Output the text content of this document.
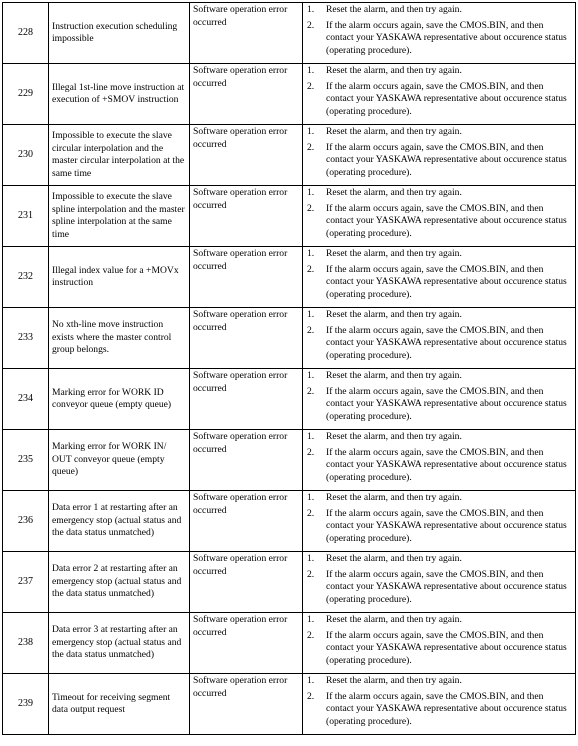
228	Instruction execution scheduling impossible	Software operation error occurred	1. Reset the alarm, and then try again.
2. If the alarm occurs again, save the CMOS.BIN, and then contact your YASKAWA representative about occurence status (operating procedure).

229	Illegal 1st-line move instruction at execution of +SMOV instruction	Software operation error occurred	1. Reset the alarm, and then try again.
2. If the alarm occurs again, save the CMOS.BIN, and then contact your YASKAWA representative about occurence status (operating procedure).

230	Impossible to execute the slave circular interpolation and the master circular interpolation at the same time	Software operation error occurred	1. Reset the alarm, and then try again.
2. If the alarm occurs again, save the CMOS.BIN, and then contact your YASKAWA representative about occurence status (operating procedure).

231	Impossible to execute the slave spline interpolation and the master spline interpolation at the same time	Software operation error occurred	1. Reset the alarm, and then try again.
2. If the alarm occurs again, save the CMOS.BIN, and then contact your YASKAWA representative about occurence status (operating procedure).

232	Illegal index value for a +MOVx instruction	Software operation error occurred	1. Reset the alarm, and then try again.
2. If the alarm occurs again, save the CMOS.BIN, and then contact your YASKAWA representative about occurence status (operating procedure).

233	No xth-line move instruction exists where the master control group belongs.	Software operation error occurred	1. Reset the alarm, and then try again.
2. If the alarm occurs again, save the CMOS.BIN, and then contact your YASKAWA representative about occurence status (operating procedure).

234	Marking error for WORK ID conveyor queue (empty queue)	Software operation error occurred	1. Reset the alarm, and then try again.
2. If the alarm occurs again, save the CMOS.BIN, and then contact your YASKAWA representative about occurence status (operating procedure).

235	Marking error for WORK IN/ OUT conveyor queue (empty queue)	Software operation error occurred	1. Reset the alarm, and then try again.
2. If the alarm occurs again, save the CMOS.BIN, and then contact your YASKAWA representative about occurence status (operating procedure).

236	Data error 1 at restarting after an emergency stop (actual status and the data status unmatched)	Software operation error occurred	1. Reset the alarm, and then try again.
2. If the alarm occurs again, save the CMOS.BIN, and then contact your YASKAWA representative about occurence status (operating procedure).

237	Data error 2 at restarting after an emergency stop (actual status and the data status unmatched)	Software operation error occurred	1. Reset the alarm, and then try again.
2. If the alarm occurs again, save the CMOS.BIN, and then contact your YASKAWA representative about occurence status (operating procedure).

238	Data error 3 at restarting after an emergency stop (actual status and the data status unmatched)	Software operation error occurred	1. Reset the alarm, and then try again.
2. If the alarm occurs again, save the CMOS.BIN, and then contact your YASKAWA representative about occurence status (operating procedure).

239	Timeout for receiving segment data output request	Software operation error occurred	1. Reset the alarm, and then try again.
2. If the alarm occurs again, save the CMOS.BIN, and then contact your YASKAWA representative about occurence status (operating procedure).
